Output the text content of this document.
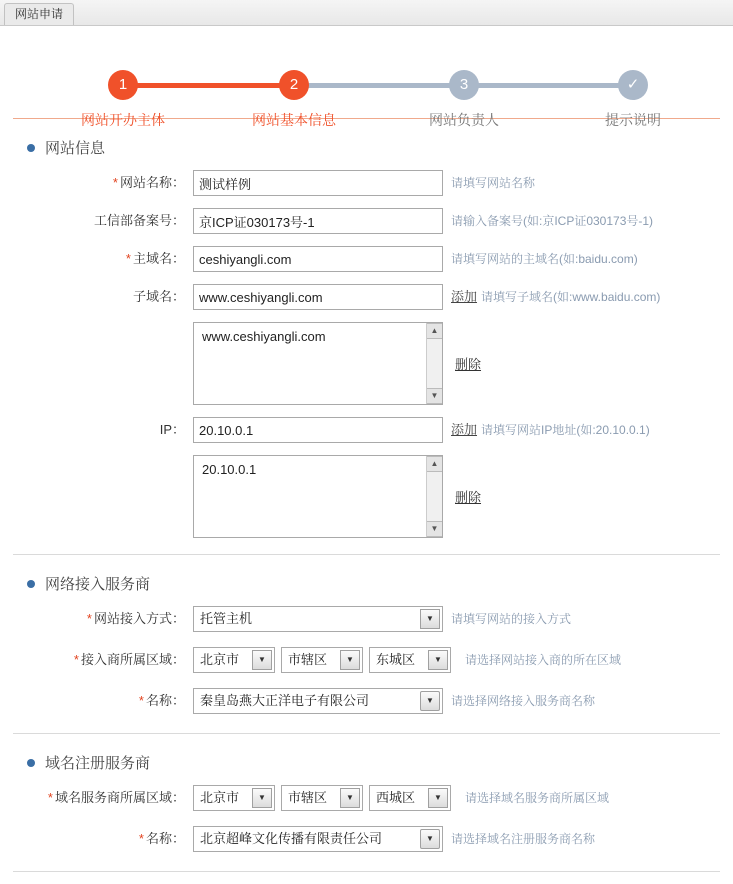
网站申请
1
网站开办主体
2
网站基本信息
3
网站负责人
✓
提示说明
网站信息
* 网站名称：
测试样例	请填写网站名称
工信部备案号：
京ICP证030173号-1	请输入备案号(如:京ICP证030173号-1)
* 主域名：
ceshiyangli.com	请填写网站的主域名(如:baidu.com)
子域名：
www.ceshiyangli.com	添加 请填写子域名(如:www.baidu.com)
www.ceshiyangli.com	▲
▼
删除
IP：
20.10.0.1	添加 请填写网站IP地址(如:20.10.0.1)
20.10.0.1	▲
▼
删除
网络接入服务商
* 网站接入方式：	托管主机	▼	请填写网站的接入方式
* 接入商所属区域：	北京市	▼	市辖区	▼	东城区	▼	请选择网站接入商的所在区域
* 名称：	秦皇岛燕大正洋电子有限公司	▼	请选择网络接入服务商名称
域名注册服务商
* 域名服务商所属区域：	北京市	▼	市辖区	▼	西城区	▼	请选择域名服务商所属区域
* 名称：	北京超峰文化传播有限责任公司	▼	请选择域名注册服务商名称
